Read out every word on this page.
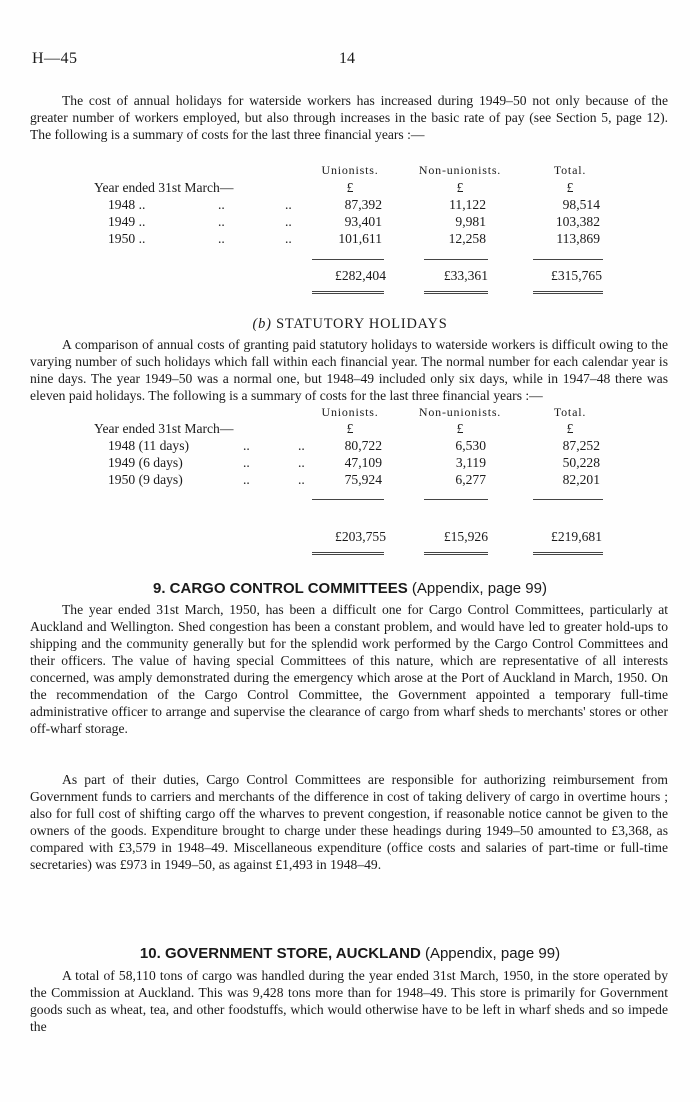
H—45	14
The cost of annual holidays for waterside workers has increased during 1949–50 not only because of the greater number of workers employed, but also through increases in the basic rate of pay (see Section 5, page 12). The following is a summary of costs for the last three financial years :—
Unionists.	Non-unionists.	Total.
Year ended 31st March—	£	£	£
1948 ..	..	..	87,392	11,122	98,514
1949 ..	..	..	93,401	9,981	103,382
1950 ..	..	..	101,611	12,258	113,869
£282,404	£33,361	£315,765
(b) STATUTORY HOLIDAYS
A comparison of annual costs of granting paid statutory holidays to waterside workers is difficult owing to the varying number of such holidays which fall within each financial year. The normal number for each calendar year is nine days. The year 1949–50 was a normal one, but 1948–49 included only six days, while in 1947–48 there was eleven paid holidays. The following is a summary of costs for the last three financial years :—
Unionists.	Non-unionists.	Total.
Year ended 31st March—	£	£	£
1948 (11 days)	..	..	80,722	6,530	87,252
1949 (6 days)	..	..	47,109	3,119	50,228
1950 (9 days)	..	..	75,924	6,277	82,201
£203,755	£15,926	£219,681
9. CARGO CONTROL COMMITTEES (Appendix, page 99)
The year ended 31st March, 1950, has been a difficult one for Cargo Control Committees, particularly at Auckland and Wellington. Shed congestion has been a constant problem, and would have led to greater hold-ups to shipping and the community generally but for the splendid work performed by the Cargo Control Committees and their officers. The value of having special Committees of this nature, which are representative of all interests concerned, was amply demonstrated during the emergency which arose at the Port of Auckland in March, 1950. On the recommendation of the Cargo Control Committee, the Government appointed a temporary full-time administrative officer to arrange and supervise the clearance of cargo from wharf sheds to merchants' stores or other off-wharf storage.
As part of their duties, Cargo Control Committees are responsible for authorizing reimbursement from Government funds to carriers and merchants of the difference in cost of taking delivery of cargo in overtime hours ; also for full cost of shifting cargo off the wharves to prevent congestion, if reasonable notice cannot be given to the owners of the goods. Expenditure brought to charge under these headings during 1949–50 amounted to £3,368, as compared with £3,579 in 1948–49. Miscellaneous expenditure (office costs and salaries of part-time or full-time secretaries) was £973 in 1949–50, as against £1,493 in 1948–49.
10. GOVERNMENT STORE, AUCKLAND (Appendix, page 99)
A total of 58,110 tons of cargo was handled during the year ended 31st March, 1950, in the store operated by the Commission at Auckland. This was 9,428 tons more than for 1948–49. This store is primarily for Government goods such as wheat, tea, and other foodstuffs, which would otherwise have to be left in wharf sheds and so impede the
